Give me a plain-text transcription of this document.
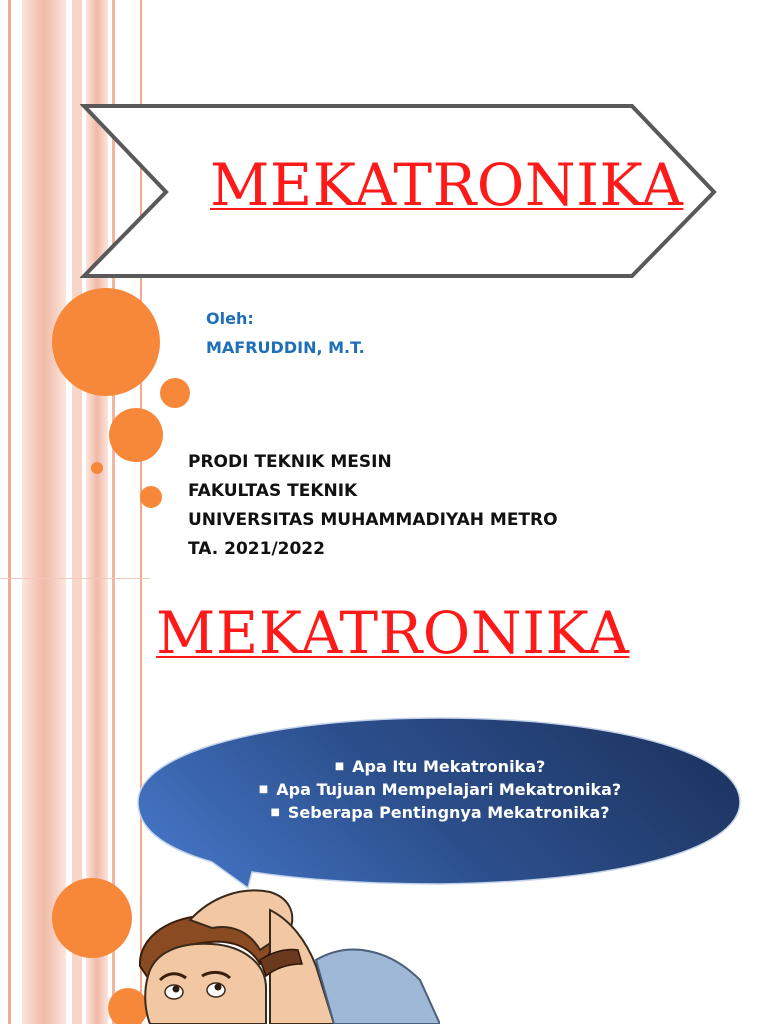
MEKATRONIKA
Oleh:
MAFRUDDIN, M.T.
PRODI TEKNIK MESIN
FAKULTAS TEKNIK
UNIVERSITAS MUHAMMADIYAH METRO
TA. 2021/2022
MEKATRONIKA
■ Apa Itu Mekatronika?
■ Apa Tujuan Mempelajari Mekatronika?
■ Seberapa Pentingnya Mekatronika?
